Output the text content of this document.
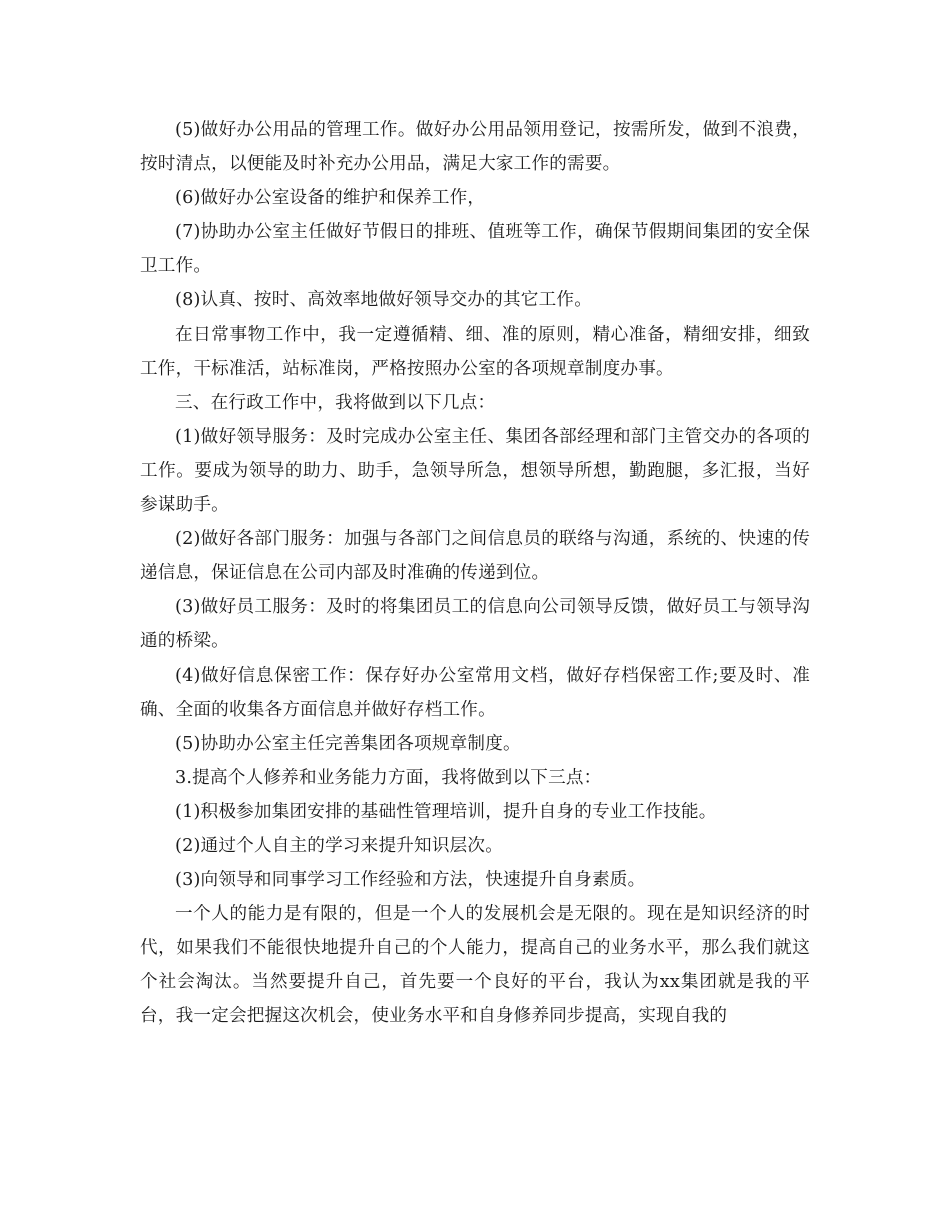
(5)做好办公用品的管理工作。做好办公用品领用登记，按需所发，做到不浪费，按时清点，以便能及时补充办公用品，满足大家工作的需要。

(6)做好办公室设备的维护和保养工作，

(7)协助办公室主任做好节假日的排班、值班等工作，确保节假期间集团的安全保卫工作。

(8)认真、按时、高效率地做好领导交办的其它工作。

在日常事物工作中，我一定遵循精、细、准的原则，精心准备，精细安排，细致工作，干标准活，站标准岗，严格按照办公室的各项规章制度办事。

三、在行政工作中，我将做到以下几点：

(1)做好领导服务：及时完成办公室主任、集团各部经理和部门主管交办的各项的工作。要成为领导的助力、助手，急领导所急，想领导所想，勤跑腿，多汇报，当好参谋助手。

(2)做好各部门服务：加强与各部门之间信息员的联络与沟通，系统的、快速的传递信息，保证信息在公司内部及时准确的传递到位。

(3)做好员工服务：及时的将集团员工的信息向公司领导反馈，做好员工与领导沟通的桥梁。

(4)做好信息保密工作：保存好办公室常用文档，做好存档保密工作;要及时、准确、全面的收集各方面信息并做好存档工作。

(5)协助办公室主任完善集团各项规章制度。

3.提高个人修养和业务能力方面，我将做到以下三点：

(1)积极参加集团安排的基础性管理培训，提升自身的专业工作技能。

(2)通过个人自主的学习来提升知识层次。

(3)向领导和同事学习工作经验和方法，快速提升自身素质。

一个人的能力是有限的，但是一个人的发展机会是无限的。现在是知识经济的时代，如果我们不能很快地提升自己的个人能力，提高自己的业务水平，那么我们就这个社会淘汰。当然要提升自己，首先要一个良好的平台，我认为xx集团就是我的平台，我一定会把握这次机会，使业务水平和自身修养同步提高，实现自我的
